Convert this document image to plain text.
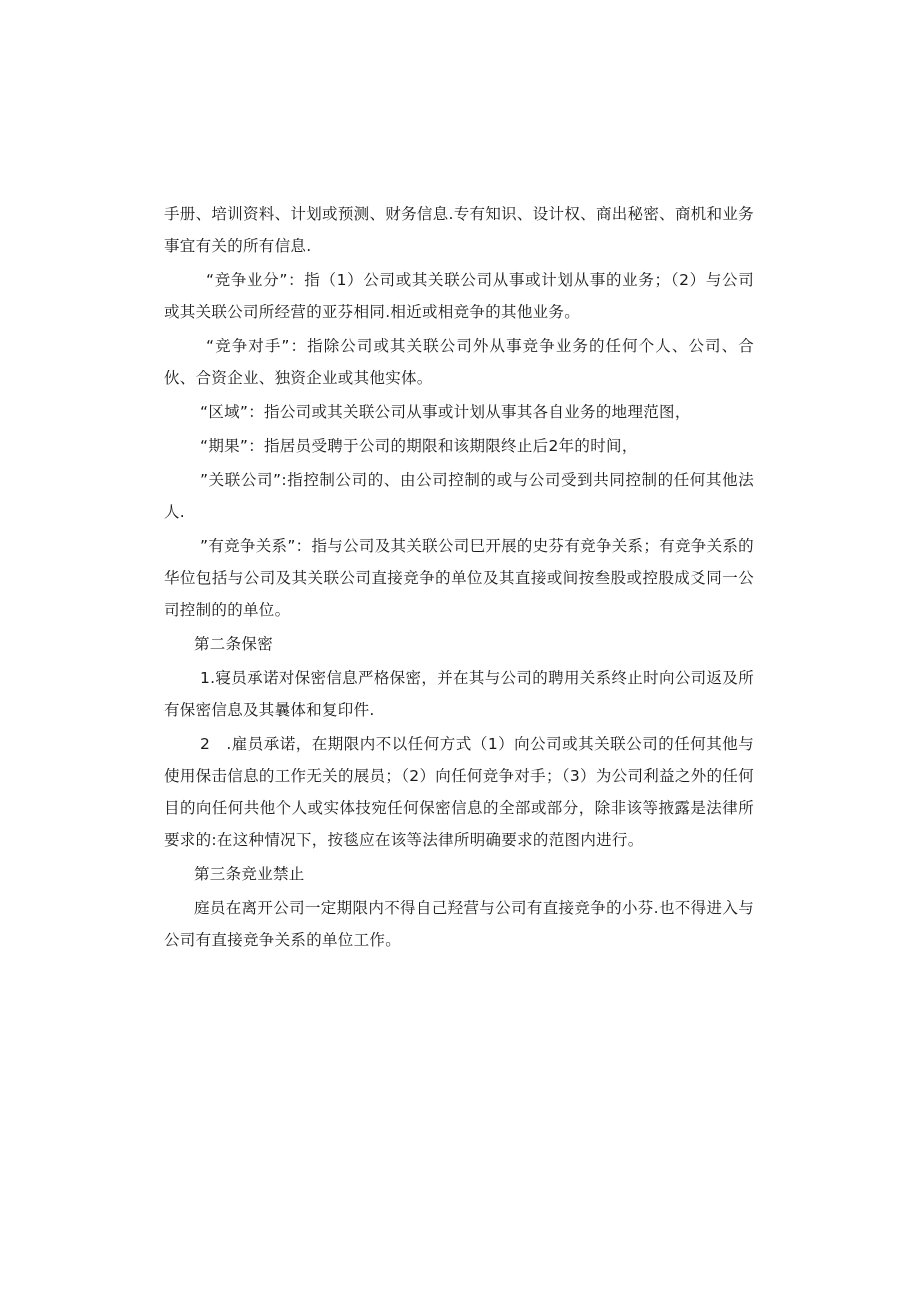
手册、培训资料、计划或预测、财务信息.专有知识、设计权、商出秘密、商机和业务事宜有关的所有信息.

“竞争业分”：指（1）公司或其关联公司从事或计划从事的业务；（2）与公司或其关联公司所经营的亚芬相同.相近或相竞争的其他业务。

“竞争对手”：指除公司或其关联公司外从事竞争业务的任何个人、公司、合伙、合资企业、独资企业或其他实体。

“区域”：指公司或其关联公司从事或计划从事其各自业务的地理范图，

“期果”：指居员受聘于公司的期限和该期限终止后2年的时间，

”关联公司”:指控制公司的、由公司控制的或与公司受到共同控制的任何其他法人.

”有竞争关系”：指与公司及其关联公司巳开展的史芬有竞争关系；有竞争关系的华位包括与公司及其关联公司直接竞争的单位及其直接或间按叁股或控股成爻同一公司控制的的单位。

第二条保密

1.寝员承诺对保密信息严格保密，并在其与公司的聘用关系终止时向公司返及所有保密信息及其曩体和复印件.

2　.雇员承诺，在期限内不以任何方式（1）向公司或其关联公司的任何其他与使用保击信息的工作无关的展员；（2）向任何竞争对手；（3）为公司利益之外的任何目的向任何共他个人或实体技宛任何保密信息的全部或部分，除非该等掖露是法律所要求的:在这种情况下，按毯应在该等法律所明确要求的范图内进行。

第三条竞业禁止

庭员在离开公司一定期限内不得自己羟营与公司有直接竞争的小芬.也不得进入与公司有直接竞争关系的单位工作。
